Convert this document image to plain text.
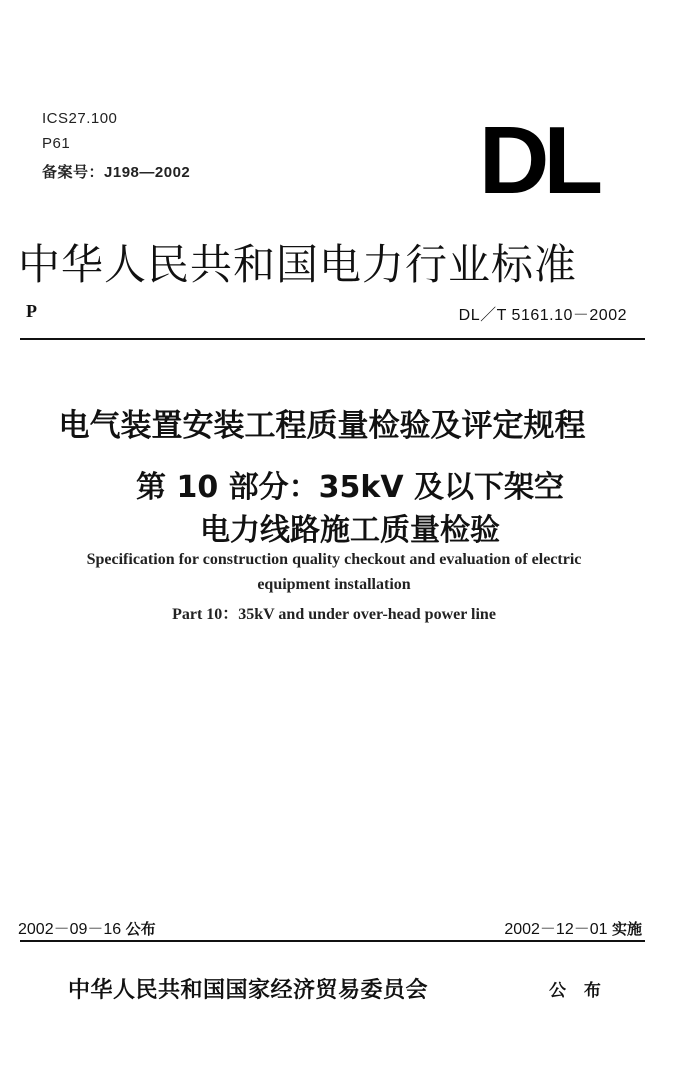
ICS27.100
P61
备案号：J198—2002	DL
中华人民共和国电力行业标准
P	DL／T 5161.10－2002
电气装置安装工程质量检验及评定规程
第 10 部分：35kV 及以下架空
电力线路施工质量检验
Specification for construction quality checkout and evaluation of electric
equipment installation
Part 10：35kV and under over-head power line
2002－09－16 公布	2002－12－01 实施
中华人民共和国国家经济贸易委员会	公 布
